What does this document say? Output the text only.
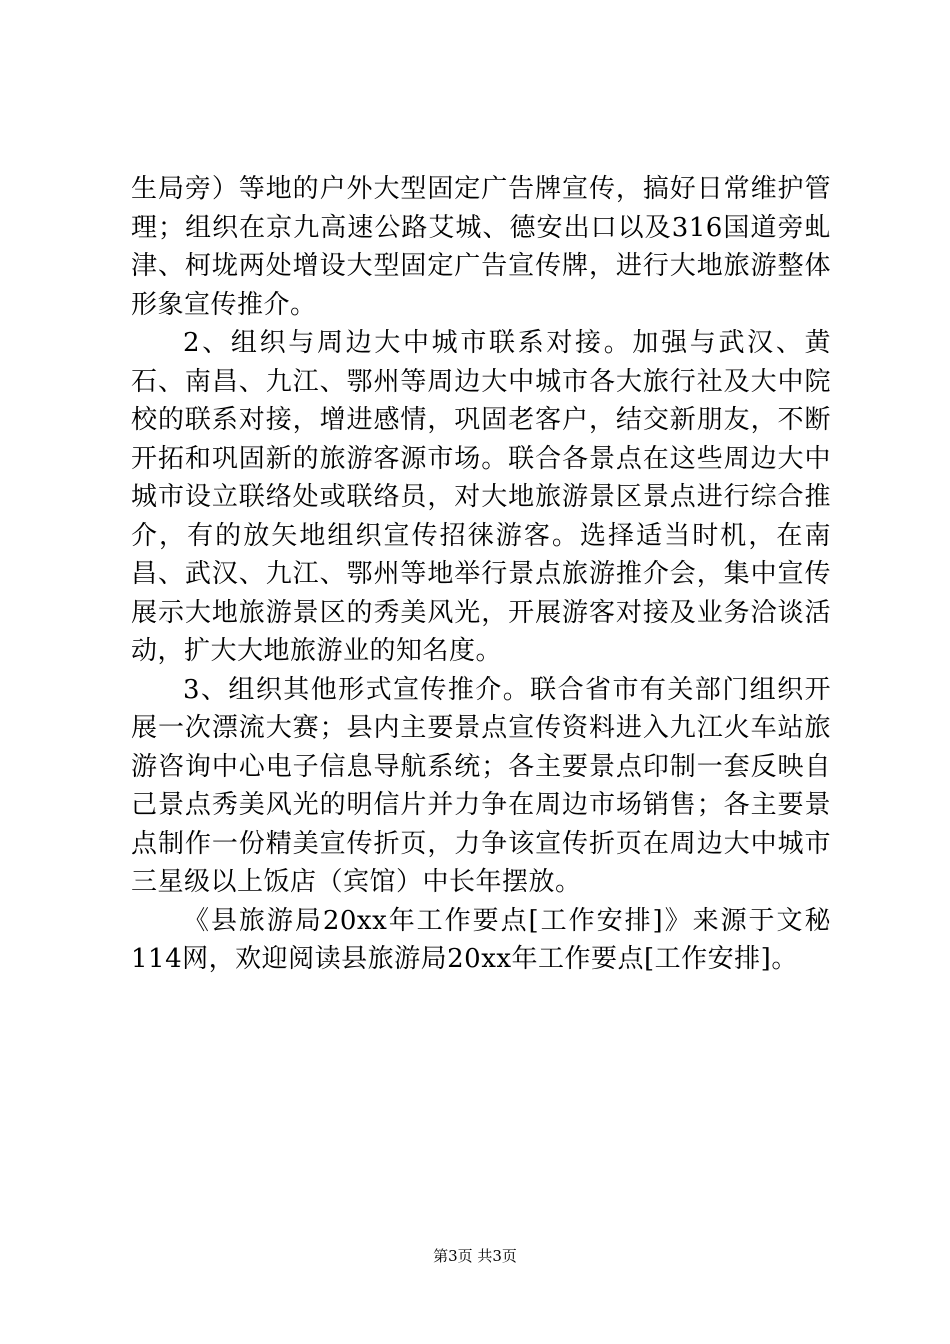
生局旁）等地的户外大型固定广告牌宣传，搞好日常维护管理；组织在京九高速公路艾城、德安出口以及316国道旁虬津、柯垅两处增设大型固定广告宣传牌，进行大地旅游整体形象宣传推介。

2、组织与周边大中城市联系对接。加强与武汉、黄石、南昌、九江、鄂州等周边大中城市各大旅行社及大中院校的联系对接，增进感情，巩固老客户，结交新朋友，不断开拓和巩固新的旅游客源市场。联合各景点在这些周边大中城市设立联络处或联络员，对大地旅游景区景点进行综合推介，有的放矢地组织宣传招徕游客。选择适当时机，在南昌、武汉、九江、鄂州等地举行景点旅游推介会，集中宣传展示大地旅游景区的秀美风光，开展游客对接及业务洽谈活动，扩大大地旅游业的知名度。

3、组织其他形式宣传推介。联合省市有关部门组织开展一次漂流大赛；县内主要景点宣传资料进入九江火车站旅游咨询中心电子信息导航系统；各主要景点印制一套反映自己景点秀美风光的明信片并力争在周边市场销售；各主要景点制作一份精美宣传折页，力争该宣传折页在周边大中城市三星级以上饭店（宾馆）中长年摆放。

《县旅游局20xx年工作要点[工作安排]》来源于文秘114网，欢迎阅读县旅游局20xx年工作要点[工作安排]。

第3页 共3页
